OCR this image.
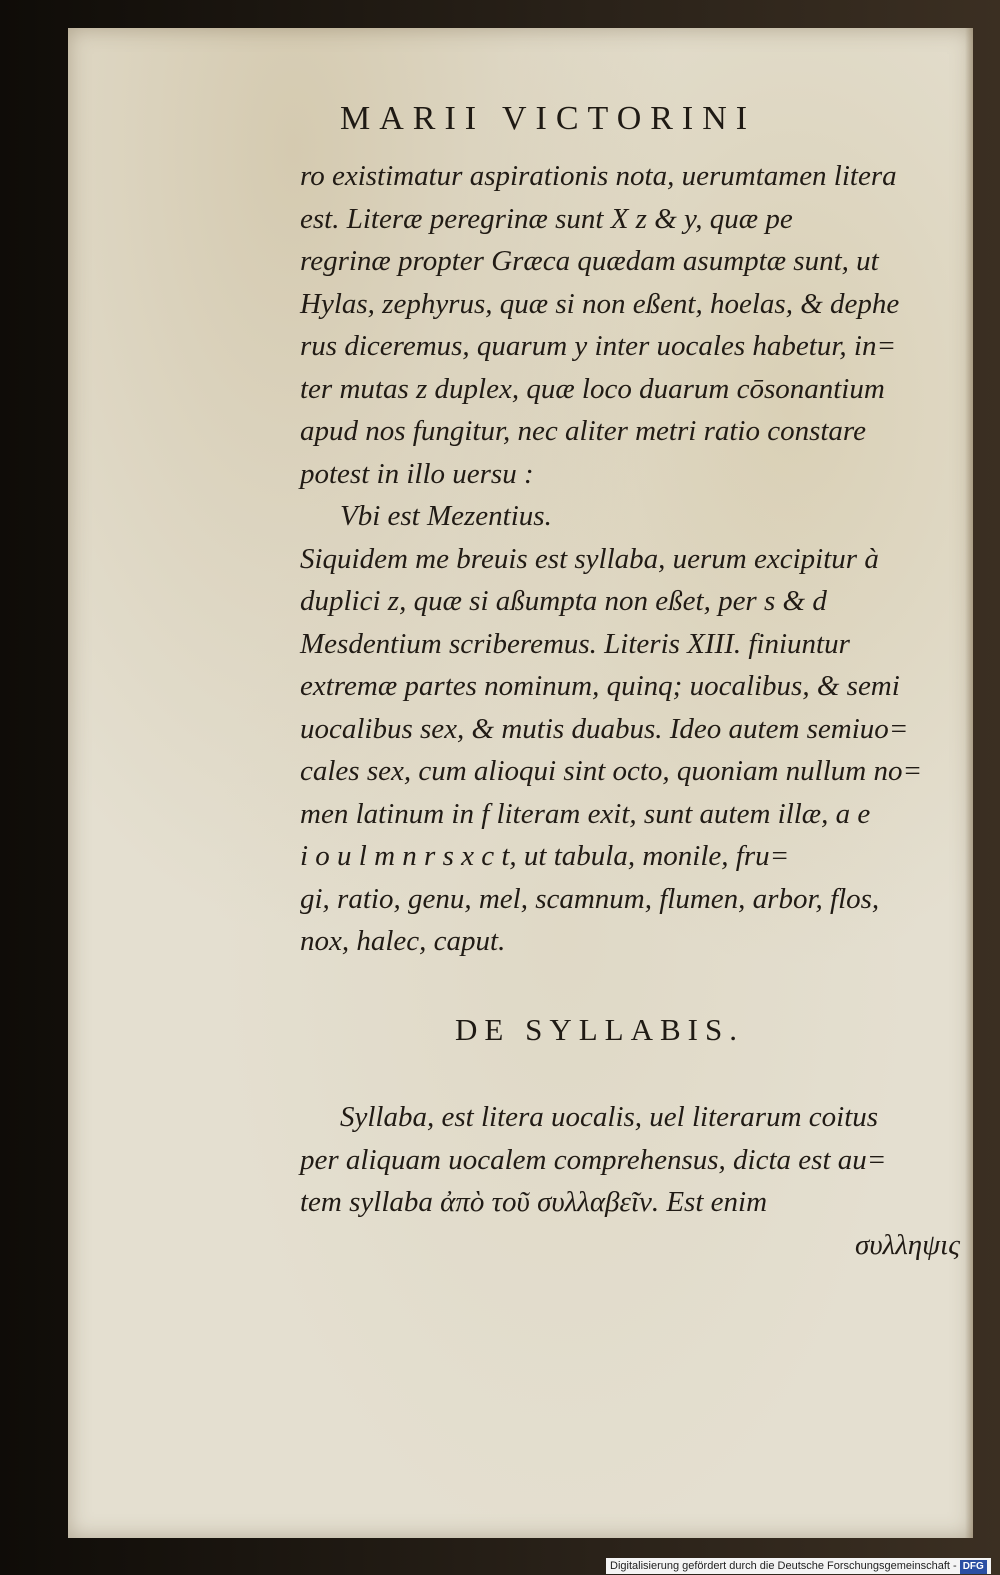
MARII VICTORINI
ro existimatur aspirationis nota, uerumtamen litera
est. Literæ peregrinæ sunt X z & y, quæ pe
regrinæ propter Græca quædam asumptæ sunt, ut
Hylas, zephyrus, quæ si non eßent, hoelas, & dephe
rus diceremus, quarum y inter uocales habetur, in=
ter mutas z duplex, quæ loco duarum cōsonantium
apud nos fungitur, nec aliter metri ratio constare
potest in illo uersu :
Vbi est Mezentius.
Siquidem me breuis est syllaba, uerum excipitur à
duplici z, quæ si aßumpta non eßet, per s & d
Mesdentium scriberemus. Literis XIII. finiuntur
extremæ partes nominum, quinq; uocalibus, & semi
uocalibus sex, & mutis duabus. Ideo autem semiuo=
cales sex, cum alioqui sint octo, quoniam nullum no=
men latinum in f literam exit, sunt autem illæ, a e
i o u l m n r s x c t, ut tabula, monile, fru=
gi, ratio, genu, mel, scamnum, flumen, arbor, flos,
nox, halec, caput.
DE SYLLABIS.
Syllaba, est litera uocalis, uel literarum coitus
per aliquam uocalem comprehensus, dicta est au=
tem syllaba ἀπὸ τοῦ συλλαβεῖν. Est enim
συλληψις
Digitalisierung gefördert durch die Deutsche Forschungsgemeinschaft - DFG
